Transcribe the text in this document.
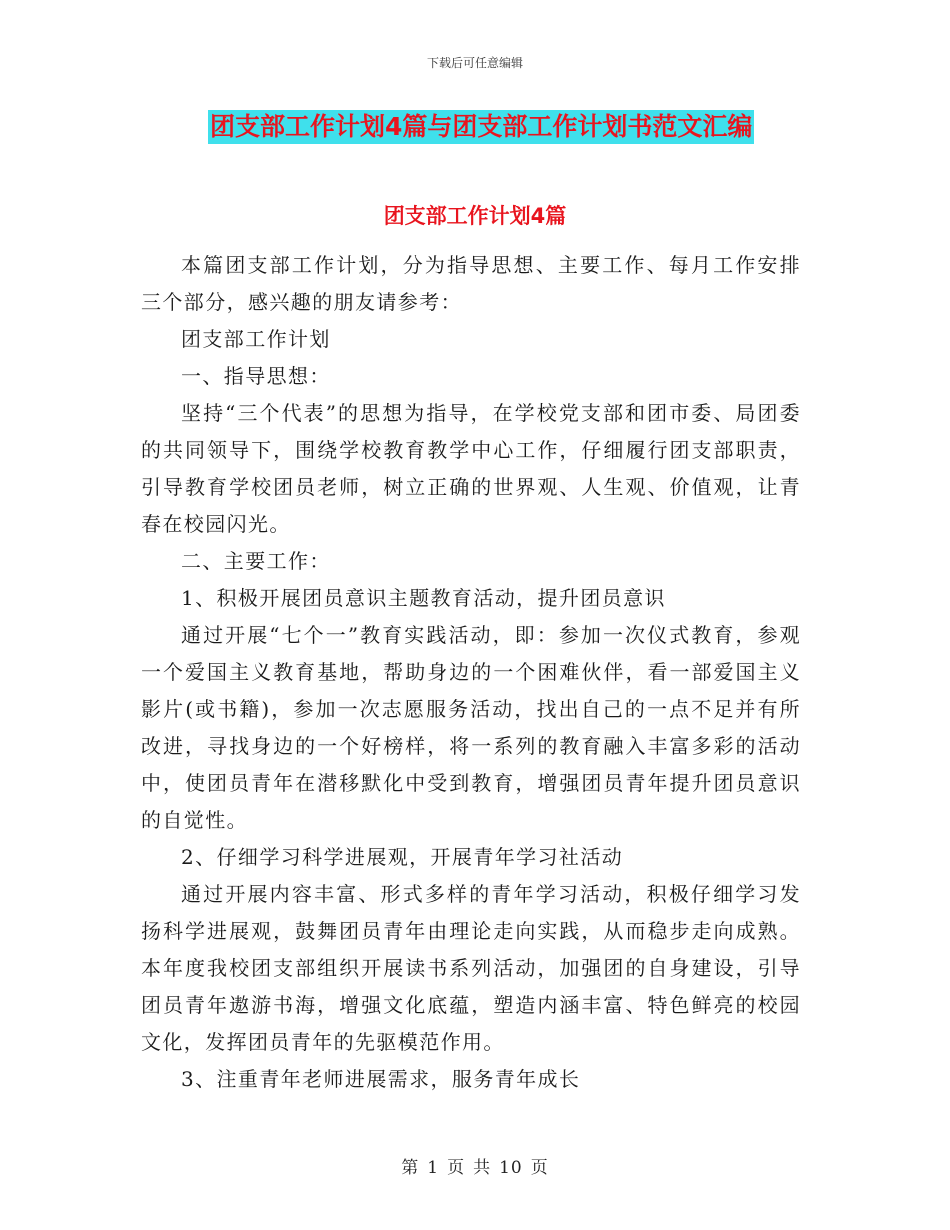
下载后可任意编辑
团支部工作计划4篇与团支部工作计划书范文汇编
团支部工作计划4篇

本篇团支部工作计划，分为指导思想、主要工作、每月工作安排三个部分，感兴趣的朋友请参考：

团支部工作计划

一、指导思想：

坚持“三个代表”的思想为指导，在学校党支部和团市委、局团委的共同领导下，围绕学校教育教学中心工作，仔细履行团支部职责，引导教育学校团员老师，树立正确的世界观、人生观、价值观，让青春在校园闪光。

二、主要工作：

1、积极开展团员意识主题教育活动，提升团员意识

通过开展“七个一”教育实践活动，即：参加一次仪式教育，参观一个爱国主义教育基地，帮助身边的一个困难伙伴，看一部爱国主义影片(或书籍)，参加一次志愿服务活动，找出自己的一点不足并有所改进，寻找身边的一个好榜样，将一系列的教育融入丰富多彩的活动中，使团员青年在潜移默化中受到教育，增强团员青年提升团员意识的自觉性。

2、仔细学习科学进展观，开展青年学习社活动

通过开展内容丰富、形式多样的青年学习活动，积极仔细学习发扬科学进展观，鼓舞团员青年由理论走向实践，从而稳步走向成熟。本年度我校团支部组织开展读书系列活动，加强团的自身建设，引导团员青年遨游书海，增强文化底蕴，塑造内涵丰富、特色鲜亮的校园文化，发挥团员青年的先驱模范作用。

3、注重青年老师进展需求，服务青年成长

第 1 页 共 10 页
